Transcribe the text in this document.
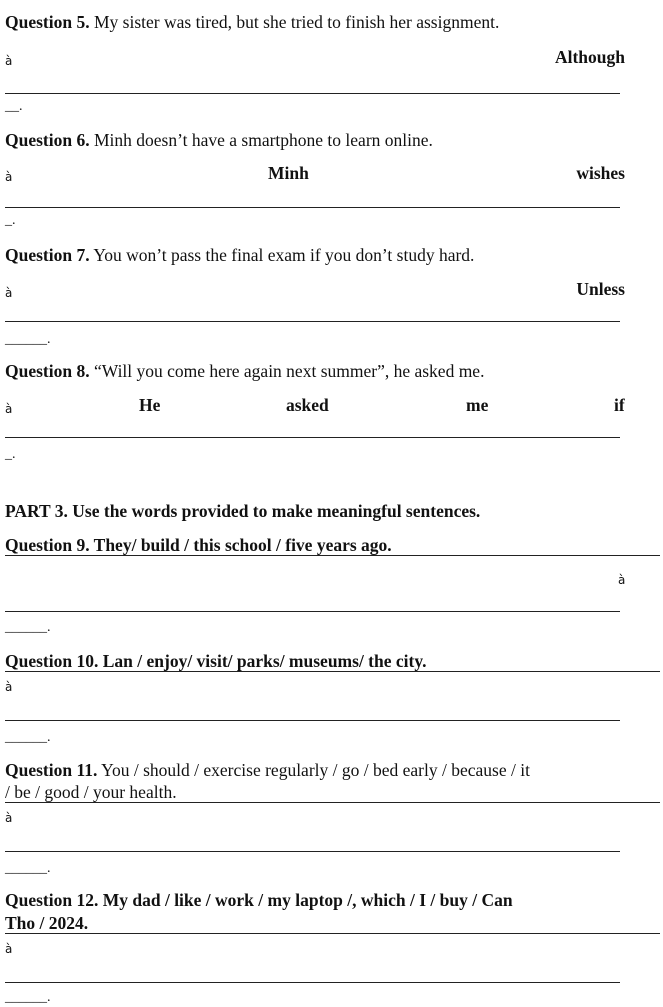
Question 5. My sister was tired, but she tried to finish her assignment.
à	Although
__.
Question 6. Minh doesn’t have a smartphone to learn online.
à	Minh	wishes
_.
Question 7. You won’t pass the final exam if you don’t study hard.
à	Unless
______.
Question 8. “Will you come here again next summer”, he asked me.
à	He	asked	me	if
_.
PART 3. Use the words provided to make meaningful sentences.
Question 9. They/ build / this school / five years ago.
à
______.
Question 10. Lan / enjoy/ visit/ parks/ museums/ the city.
à
______.
Question 11. You / should / exercise regularly / go / bed early / because / it
/ be / good / your health.
à
______.
Question 12. My dad / like / work / my laptop /, which / I / buy / Can
Tho / 2024.
à
______.
